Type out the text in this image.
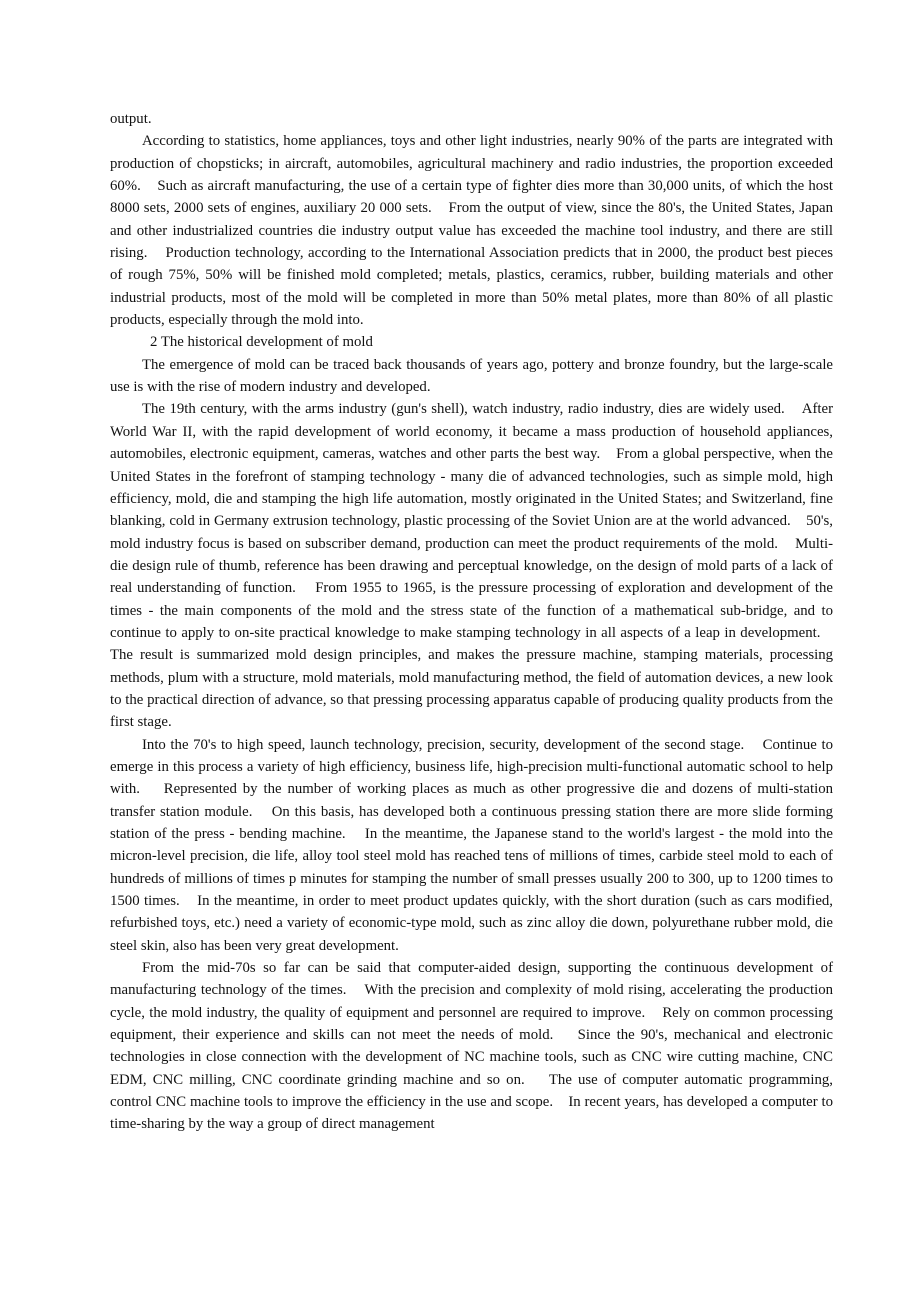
output.

According to statistics, home appliances, toys and other light industries, nearly 90% of the parts are integrated with production of chopsticks; in aircraft, automobiles, agricultural machinery and radio industries, the proportion exceeded 60%.    Such as aircraft manufacturing, the use of a certain type of fighter dies more than 30,000 units, of which the host 8000 sets, 2000 sets of engines, auxiliary 20 000 sets.    From the output of view, since the 80's, the United States, Japan and other industrialized countries die industry output value has exceeded the machine tool industry, and there are still rising.    Production technology, according to the International Association predicts that in 2000, the product best pieces of rough 75%, 50% will be finished mold completed; metals, plastics, ceramics, rubber, building materials and other industrial products, most of the mold will be completed in more than 50% metal plates, more than 80% of all plastic products, especially through the mold into.

2 The historical development of mold

The emergence of mold can be traced back thousands of years ago, pottery and bronze foundry, but the large-scale use is with the rise of modern industry and developed.

The 19th century, with the arms industry (gun's shell), watch industry, radio industry, dies are widely used.    After World War II, with the rapid development of world economy, it became a mass production of household appliances, automobiles, electronic equipment, cameras, watches and other parts the best way.    From a global perspective, when the United States in the forefront of stamping technology - many die of advanced technologies, such as simple mold, high efficiency, mold, die and stamping the high life automation, mostly originated in the United States; and Switzerland, fine blanking, cold in Germany extrusion technology, plastic processing of the Soviet Union are at the world advanced.    50's, mold industry focus is based on subscriber demand, production can meet the product requirements of the mold.    Multi-die design rule of thumb, reference has been drawing and perceptual knowledge, on the design of mold parts of a lack of real understanding of function.    From 1955 to 1965, is the pressure processing of exploration and development of the times - the main components of the mold and the stress state of the function of a mathematical sub-bridge, and to continue to apply to on-site practical knowledge to make stamping technology in all aspects of a leap in development.    The result is summarized mold design principles, and makes the pressure machine, stamping materials, processing methods, plum with a structure, mold materials, mold manufacturing method, the field of automation devices, a new look to the practical direction of advance, so that pressing processing apparatus capable of producing quality products from the first stage.

Into the 70's to high speed, launch technology, precision, security, development of the second stage.    Continue to emerge in this process a variety of high efficiency, business life, high-precision multi-functional automatic school to help with.    Represented by the number of working places as much as other progressive die and dozens of multi-station transfer station module.    On this basis, has developed both a continuous pressing station there are more slide forming station of the press - bending machine.    In the meantime, the Japanese stand to the world's largest - the mold into the micron-level precision, die life, alloy tool steel mold has reached tens of millions of times, carbide steel mold to each of hundreds of millions of times p minutes for stamping the number of small presses usually 200 to 300, up to 1200 times to 1500 times.    In the meantime, in order to meet product updates quickly, with the short duration (such as cars modified, refurbished toys, etc.) need a variety of economic-type mold, such as zinc alloy die down, polyurethane rubber mold, die steel skin, also has been very great development.

From the mid-70s so far can be said that computer-aided design, supporting the continuous development of manufacturing technology of the times.    With the precision and complexity of mold rising, accelerating the production cycle, the mold industry, the quality of equipment and personnel are required to improve.    Rely on common processing equipment, their experience and skills can not meet the needs of mold.    Since the 90's, mechanical and electronic technologies in close connection with the development of NC machine tools, such as CNC wire cutting machine, CNC EDM, CNC milling, CNC coordinate grinding machine and so on.    The use of computer automatic programming, control CNC machine tools to improve the efficiency in the use and scope.    In recent years, has developed a computer to time-sharing by the way a group of direct management
